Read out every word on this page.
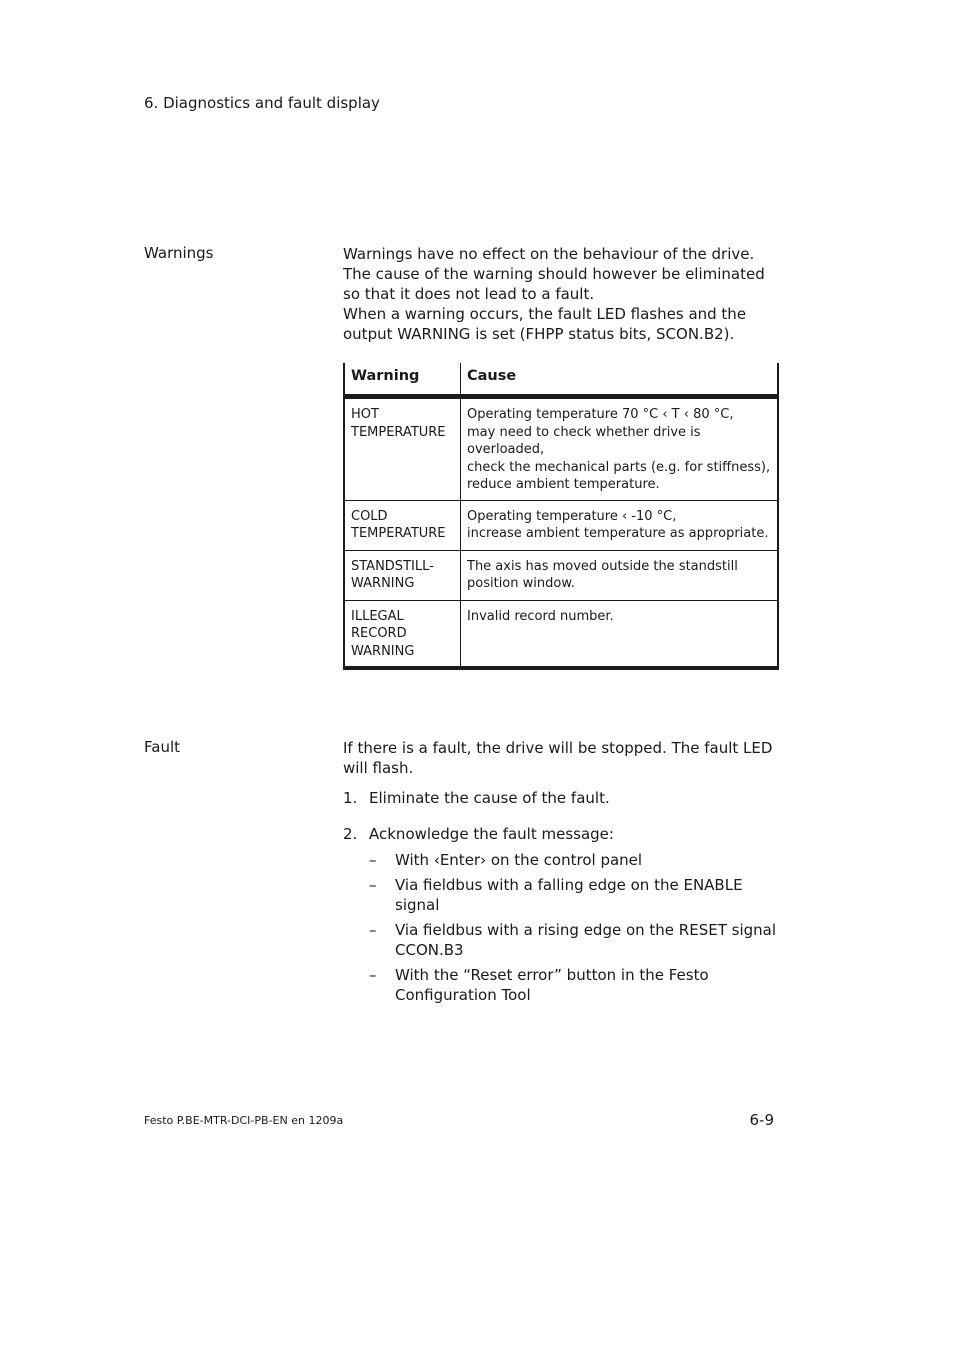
6. Diagnostics and fault display
Warnings	Warnings have no effect on the behaviour of the drive. The cause of the warning should however be eliminated so that it does not lead to a fault.

When a warning occurs, the fault LED flashes and the output WARNING is set (FHPP status bits, SCON.B2).

Warning	Cause

HOT
TEMPERATURE	Operating temperature 70 °C ‹ T ‹ 80 °C,
may need to check whether drive is overloaded,
check the mechanical parts (e.g. for stiffness),
reduce ambient temperature.

COLD
TEMPERATURE	Operating temperature ‹ -10 °C,
increase ambient temperature as appropriate.

STANDSTILL-
WARNING	The axis has moved outside the standstill
position window.

ILLEGAL
RECORD
WARNING	Invalid record number.
Fault	If there is a fault, the drive will be stopped. The fault LED will flash.

1. Eliminate the cause of the fault.
2. Acknowledge the fault message:
– With ‹Enter› on the control panel
– Via fieldbus with a falling edge on the ENABLE signal
– Via fieldbus with a rising edge on the RESET signal CCON.B3
– With the “Reset error” button in the Festo Configuration Tool
Festo P.BE-MTR-DCI-PB-EN en 1209a	6-9
